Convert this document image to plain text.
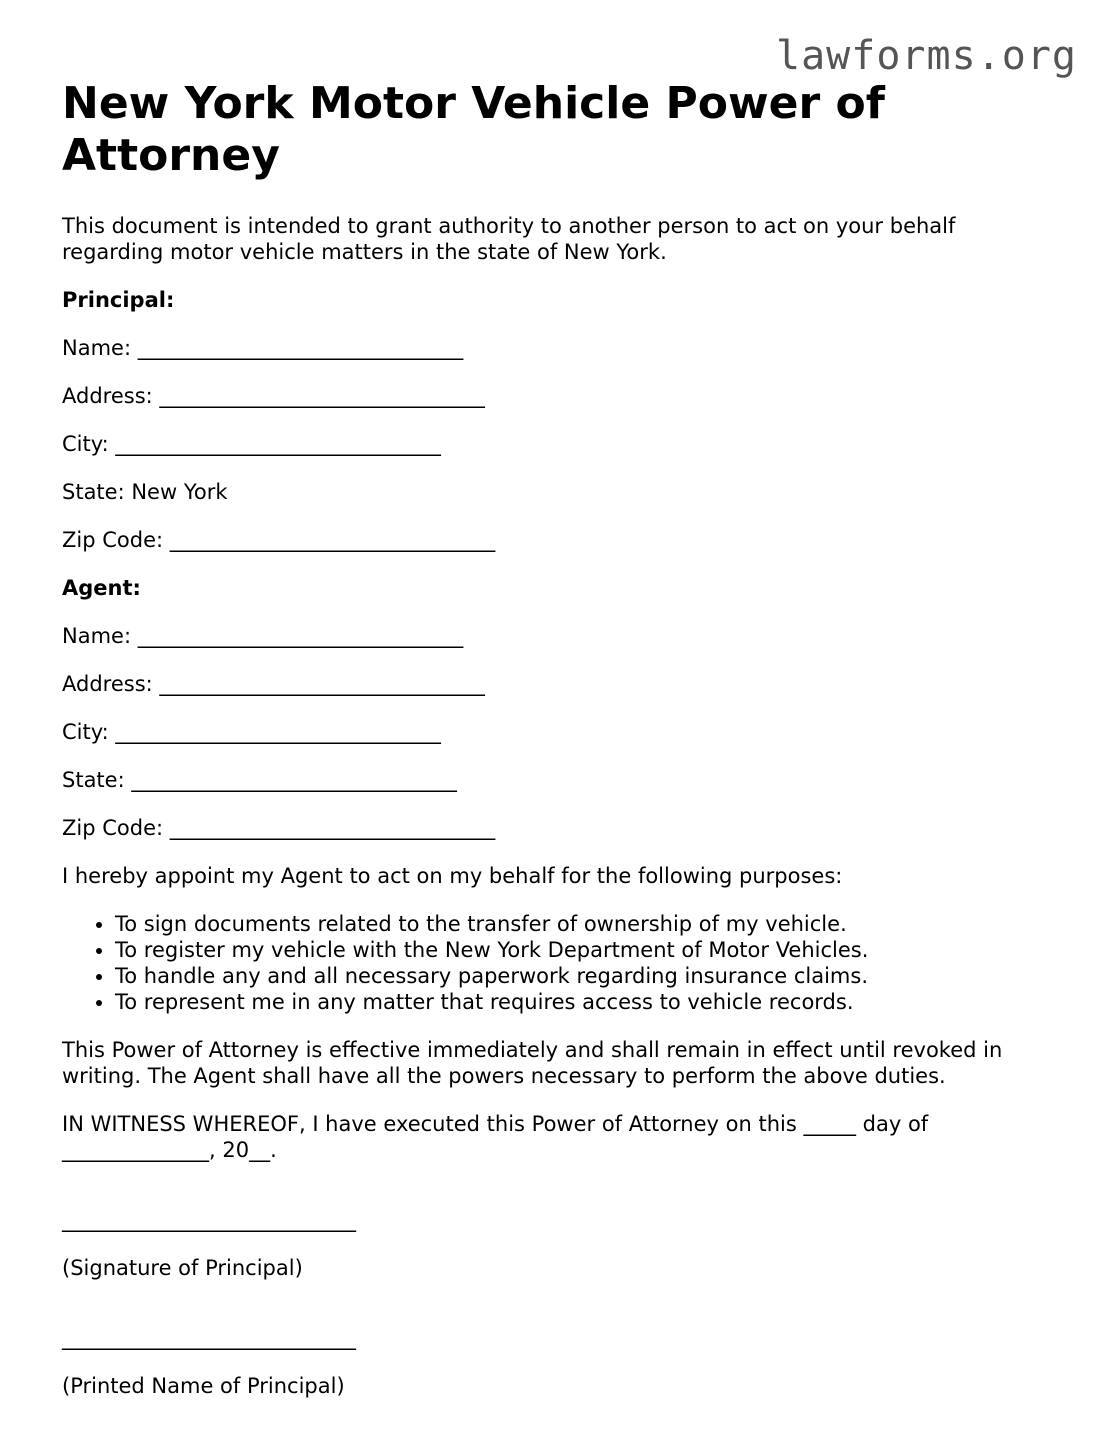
lawforms.org
New York Motor Vehicle Power of Attorney

This document is intended to grant authority to another person to act on your behalf regarding motor vehicle matters in the state of New York.

Principal:

Name: _______________________________

Address: _______________________________

City: _______________________________

State: New York

Zip Code: _______________________________

Agent:

Name: _______________________________

Address: _______________________________

City: _______________________________

State: _______________________________

Zip Code: _______________________________

I hereby appoint my Agent to act on my behalf for the following purposes:

• To sign documents related to the transfer of ownership of my vehicle.
• To register my vehicle with the New York Department of Motor Vehicles.
• To handle any and all necessary paperwork regarding insurance claims.
• To represent me in any matter that requires access to vehicle records.

This Power of Attorney is effective immediately and shall remain in effect until revoked in writing. The Agent shall have all the powers necessary to perform the above duties.

IN WITNESS WHEREOF, I have executed this Power of Attorney on this _____ day of ______________, 20__.

____________________________

(Signature of Principal)

____________________________

(Printed Name of Principal)
